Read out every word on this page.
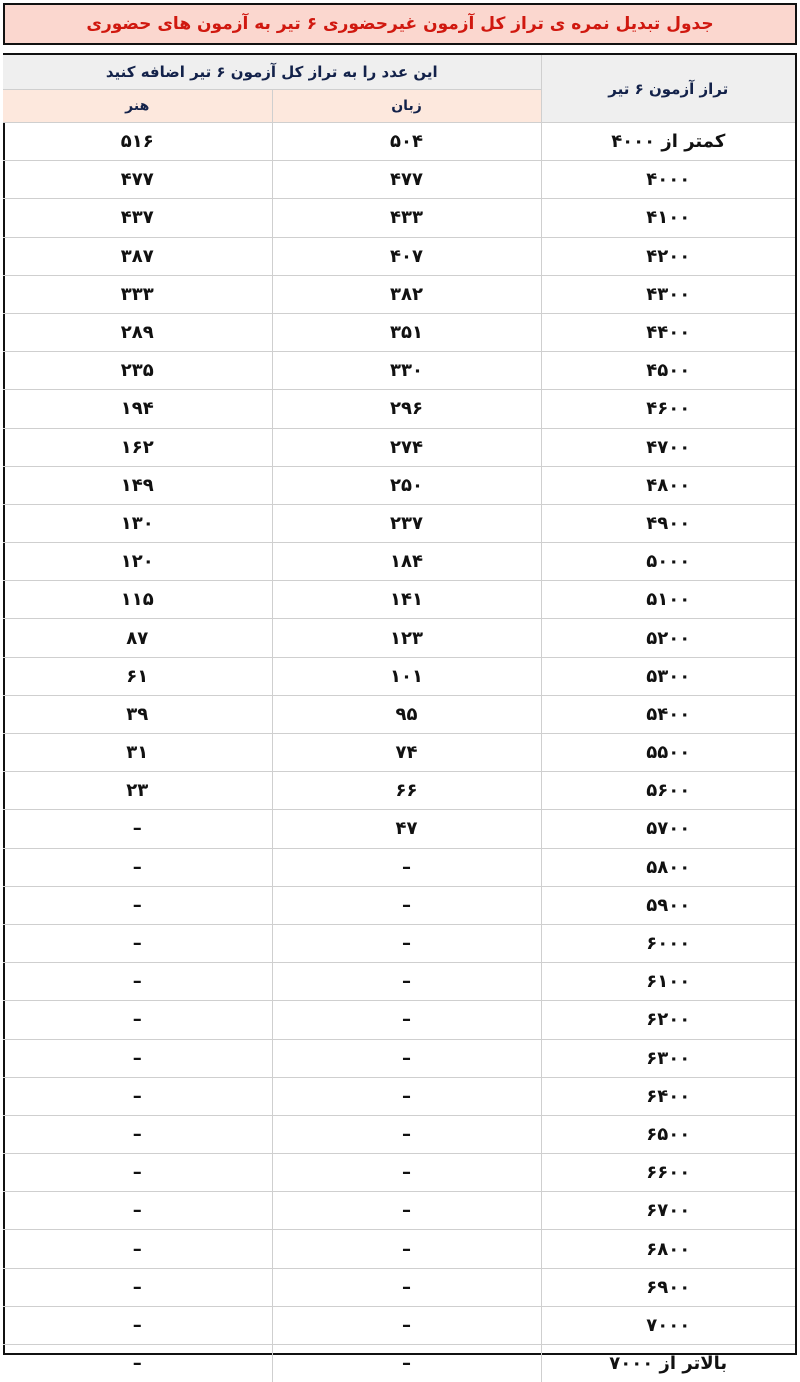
جدول تبدیل نمره ی تراز کل آزمون غیرحضوری ۶ تیر به آزمون های حضوری
تراز آزمون ۶ تیر	این عدد را به تراز کل آزمون ۶ تیر اضافه کنید	
	زبان	هنر
کمتر از ۴۰۰۰	۵۰۴	۵۱۶
۴۰۰۰	۴۷۷	۴۷۷
۴۱۰۰	۴۳۳	۴۳۷
۴۲۰۰	۴۰۷	۳۸۷
۴۳۰۰	۳۸۲	۳۳۳
۴۴۰۰	۳۵۱	۲۸۹
۴۵۰۰	۳۳۰	۲۳۵
۴۶۰۰	۲۹۶	۱۹۴
۴۷۰۰	۲۷۴	۱۶۲
۴۸۰۰	۲۵۰	۱۴۹
۴۹۰۰	۲۳۷	۱۳۰
۵۰۰۰	۱۸۴	۱۲۰
۵۱۰۰	۱۴۱	۱۱۵
۵۲۰۰	۱۲۳	۸۷
۵۳۰۰	۱۰۱	۶۱
۵۴۰۰	۹۵	۳۹
۵۵۰۰	۷۴	۳۱
۵۶۰۰	۶۶	۲۳
۵۷۰۰	۴۷	–
۵۸۰۰	–	–
۵۹۰۰	–	–
۶۰۰۰	–	–
۶۱۰۰	–	–
۶۲۰۰	–	–
۶۳۰۰	–	–
۶۴۰۰	–	–
۶۵۰۰	–	–
۶۶۰۰	–	–
۶۷۰۰	–	–
۶۸۰۰	–	–
۶۹۰۰	–	–
۷۰۰۰	–	–
بالاتر از ۷۰۰۰	–	–
